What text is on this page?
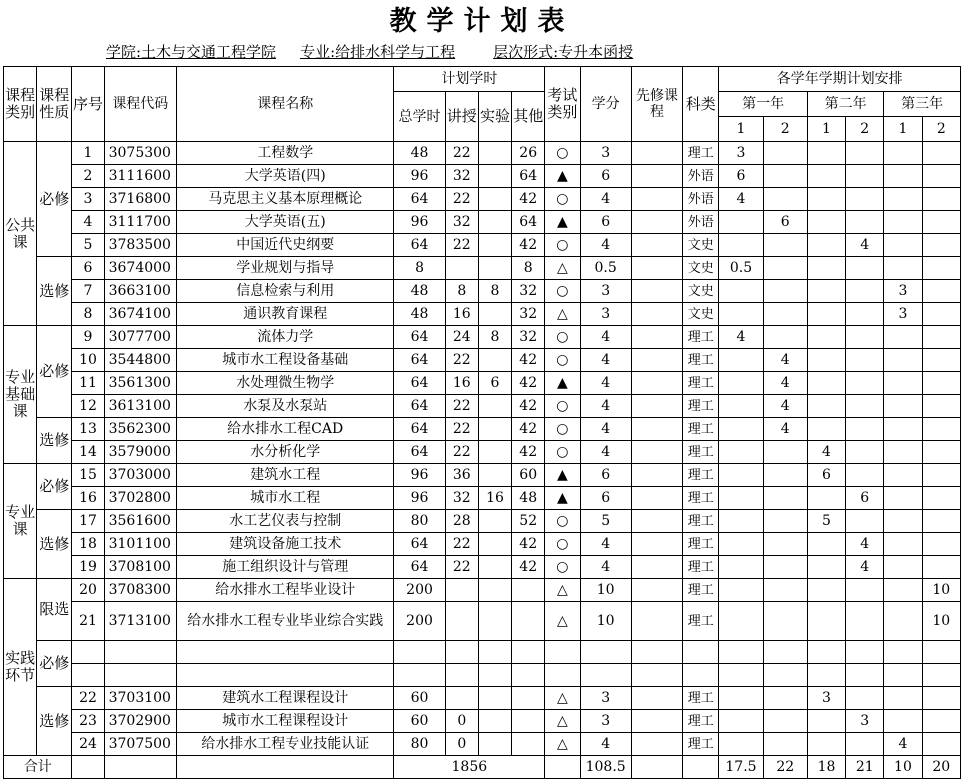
教学计划表
学院:土木与交通工程学院 专业:给排水科学与工程	层次形式:专升本函授
课程类别	课程性质	序号	课程代码	课程名称	计划学时				考试类别	学分	先修课程	科类	各学年学期计划安排					
					总学时	讲授	实验	其他					第一年		第二年		第三年	
													1	2	1	2	1	2
公共课	必修	1	3075300	工程数学	48	22		26	○	3		理工	3					
		2	3111600	大学英语(四)	96	32		64	▲	6		外语	6					
		3	3716800	马克思主义基本原理概论	64	22		42	○	4		外语	4					
		4	3111700	大学英语(五)	96	32		64	▲	6		外语		6				
		5	3783500	中国近代史纲要	64	22		42	○	4		文史				4		
	选修	6	3674000	学业规划与指导	8			8	△	0.5		文史	0.5					
		7	3663100	信息检索与利用	48	8	8	32	○	3		文史					3	
		8	3674100	通识教育课程	48	16		32	△	3		文史					3	
专业基础课	必修	9	3077700	流体力学	64	24	8	32	○	4		理工	4					
		10	3544800	城市水工程设备基础	64	22		42	○	4		理工		4				
		11	3561300	水处理微生物学	64	16	6	42	▲	4		理工		4				
		12	3613100	水泵及水泵站	64	22		42	○	4		理工		4				
	选修	13	3562300	给水排水工程CAD	64	22		42	○	4		理工		4				
		14	3579000	水分析化学	64	22		42	○	4		理工			4			
专业课	必修	15	3703000	建筑水工程	96	36		60	▲	6		理工			6			
		16	3702800	城市水工程	96	32	16	48	▲	6		理工				6		
	选修	17	3561600	水工艺仪表与控制	80	28		52	○	5		理工			5			
		18	3101100	建筑设备施工技术	64	22		42	○	4		理工				4		
		19	3708100	施工组织设计与管理	64	22		42	○	4		理工				4		
实践环节	限选	20	3708300	给水排水工程毕业设计	200				△	10		理工						10
		21	3713100	给水排水工程专业毕业综合实践	200				△	10		理工						10
	必修																	

	选修	22	3703100	建筑水工程课程设计	60				△	3		理工			3			
		23	3702900	城市水工程课程设计	60	0			△	3		理工				3		
		24	3707500	给水排水工程专业技能认证	80	0			△	4		理工					4	
合计					1856					108.5			17.5	22	18	21	10	20
